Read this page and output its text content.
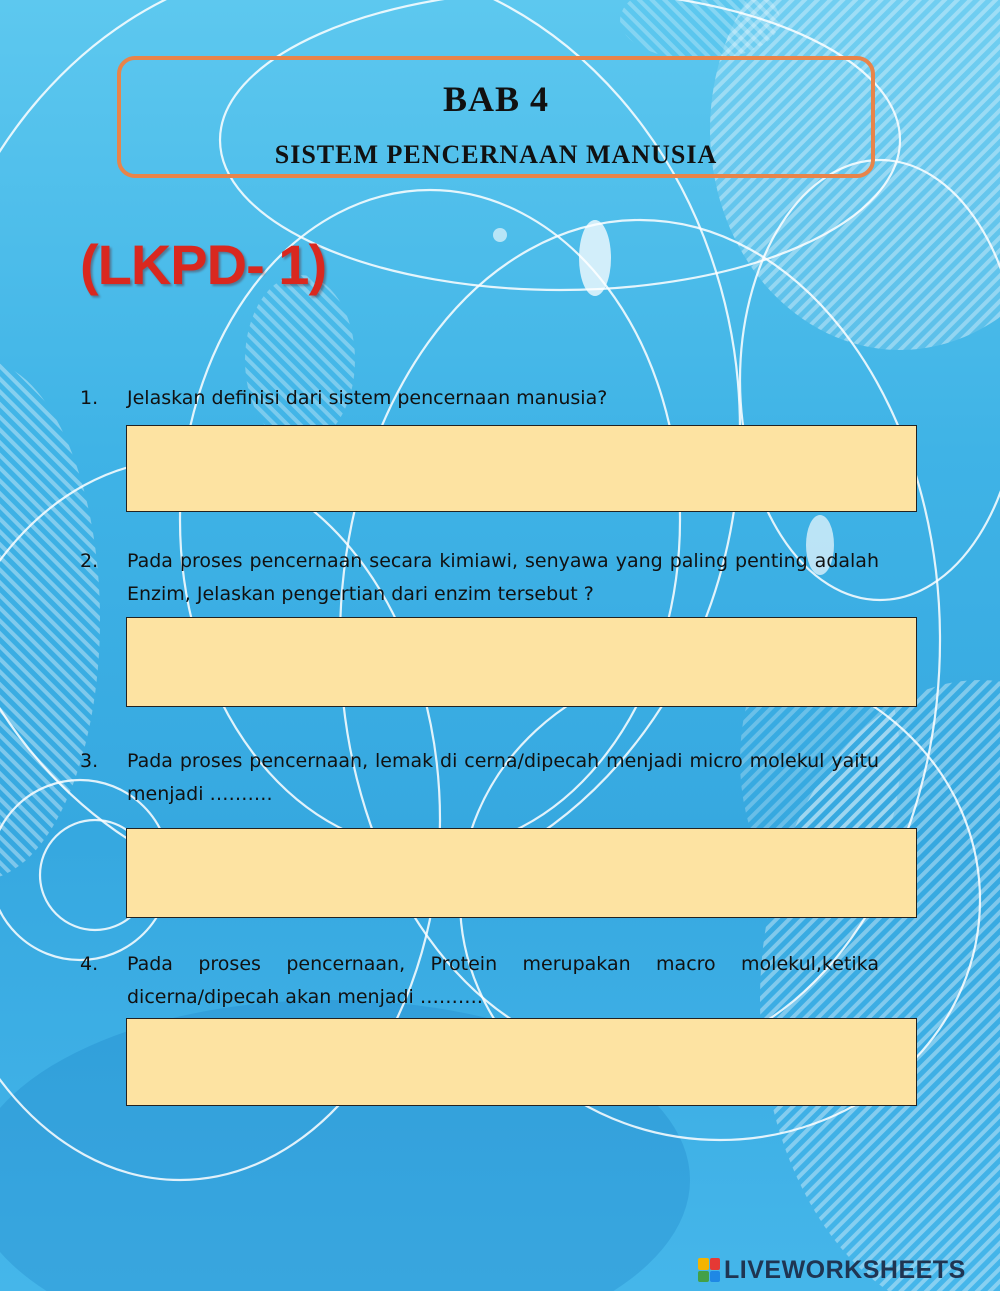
BAB 4
SISTEM PENCERNAAN MANUSIA
(LKPD- 1)
1. Jelaskan definisi dari sistem pencernaan manusia?
2. Pada proses pencernaan secara kimiawi, senyawa yang paling penting adalah Enzim, Jelaskan pengertian dari enzim tersebut ?
3. Pada proses pencernaan, lemak di cerna/dipecah menjadi micro molekul yaitu menjadi ……….
4. Pada proses pencernaan, Protein merupakan macro molekul,ketika dicerna/dipecah akan menjadi ……….
LIVEWORKSHEETS
